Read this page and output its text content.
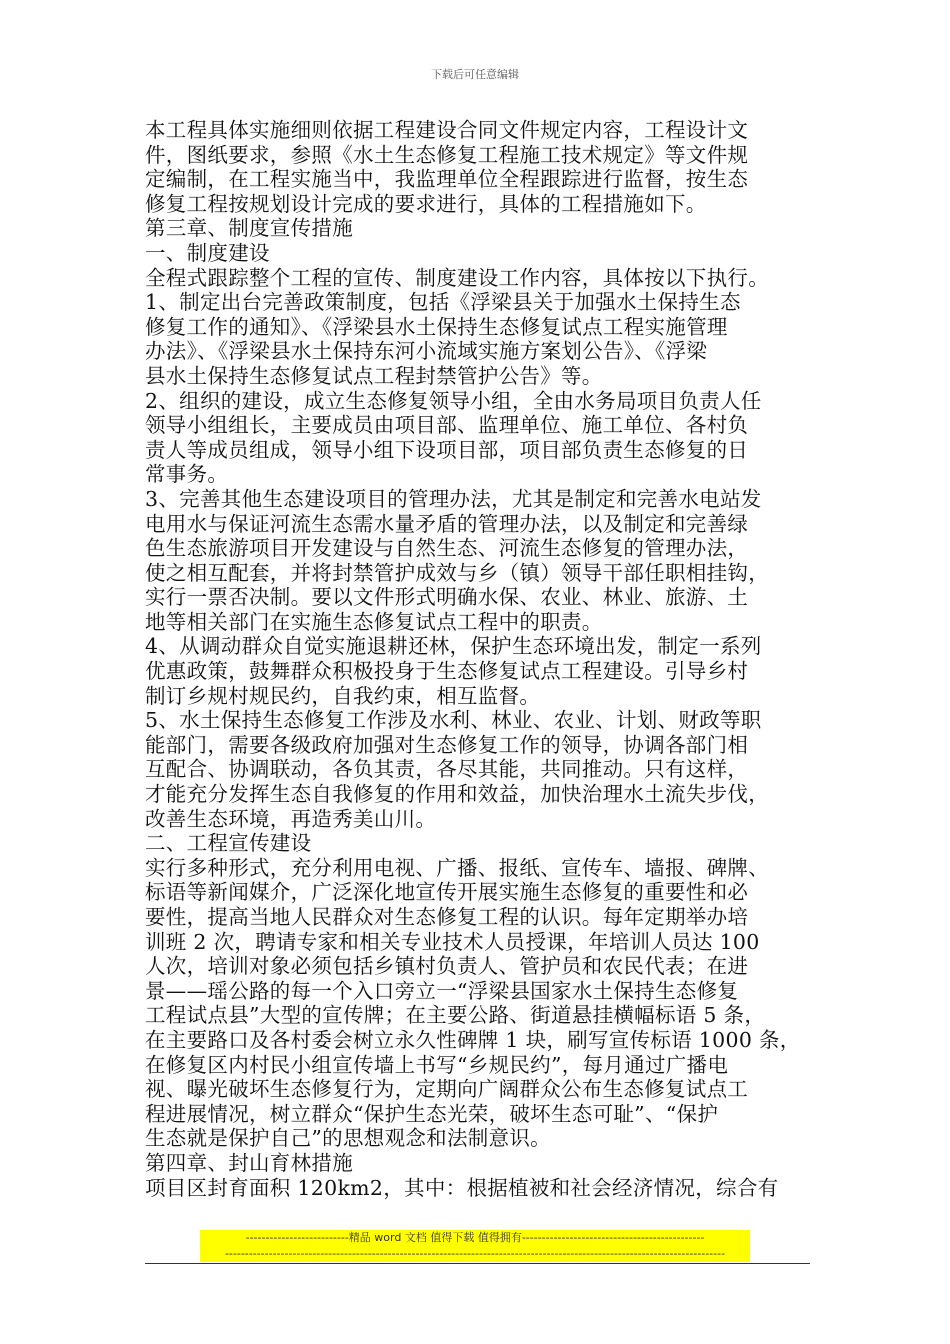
下载后可任意编辑

本工程具体实施细则依据工程建设合同文件规定内容，工程设计文

件，图纸要求，参照《水土生态修复工程施工技术规定》等文件规

定编制，在工程实施当中，我监理单位全程跟踪进行监督，按生态

修复工程按规划设计完成的要求进行，具体的工程措施如下。

第三章、制度宣传措施

一、制度建设

全程式跟踪整个工程的宣传、制度建设工作内容，具体按以下执行。

1、制定出台完善政策制度，包括《浮梁县关于加强水土保持生态

修复工作的通知》、《浮梁县水土保持生态修复试点工程实施管理

办法》、《浮梁县水土保持东河小流域实施方案划公告》、《浮梁

县水土保持生态修复试点工程封禁管护公告》等。

2、组织的建设，成立生态修复领导小组，全由水务局项目负责人任

领导小组组长，主要成员由项目部、监理单位、施工单位、各村负

责人等成员组成，领导小组下设项目部，项目部负责生态修复的日

常事务。

3、完善其他生态建设项目的管理办法，尤其是制定和完善水电站发

电用水与保证河流生态需水量矛盾的管理办法，以及制定和完善绿

色生态旅游项目开发建设与自然生态、河流生态修复的管理办法，

使之相互配套，并将封禁管护成效与乡（镇）领导干部任职相挂钩，

实行一票否决制。要以文件形式明确水保、农业、林业、旅游、土

地等相关部门在实施生态修复试点工程中的职责。

4、从调动群众自觉实施退耕还林，保护生态环境出发，制定一系列

优惠政策，鼓舞群众积极投身于生态修复试点工程建设。引导乡村

制订乡规村规民约，自我约束，相互监督。

5、水土保持生态修复工作涉及水利、林业、农业、计划、财政等职

能部门，需要各级政府加强对生态修复工作的领导，协调各部门相

互配合、协调联动，各负其责，各尽其能，共同推动。只有这样，

才能充分发挥生态自我修复的作用和效益，加快治理水土流失步伐，

改善生态环境，再造秀美山川。

二、工程宣传建设

实行多种形式，充分利用电视、广播、报纸、宣传车、墙报、碑牌、

标语等新闻媒介，广泛深化地宣传开展实施生态修复的重要性和必

要性，提高当地人民群众对生态修复工程的认识。每年定期举办培

训班 2 次，聘请专家和相关专业技术人员授课，年培训人员达 100

人次，培训对象必须包括乡镇村负责人、管护员和农民代表；在进

景——瑶公路的每一个入口旁立一“浮梁县国家水土保持生态修复

工程试点县”大型的宣传牌；在主要公路、街道悬挂横幅标语 5 条，

在主要路口及各村委会树立永久性碑牌 1 块，刷写宣传标语 1000 条，

在修复区内村民小组宣传墙上书写“乡规民约”，每月通过广播电

视、曝光破坏生态修复行为，定期向广阔群众公布生态修复试点工

程进展情况，树立群众“保护生态光荣，破坏生态可耻”、“保护

生态就是保护自己”的思想观念和法制意识。

第四章、封山育林措施

项目区封育面积 120km2，其中：根据植被和社会经济情况，综合有

--------------------------精品 word 文档 值得下载 值得拥有----------------------------------------------
------------------------------------------------------------------------------------------------------------------------------
